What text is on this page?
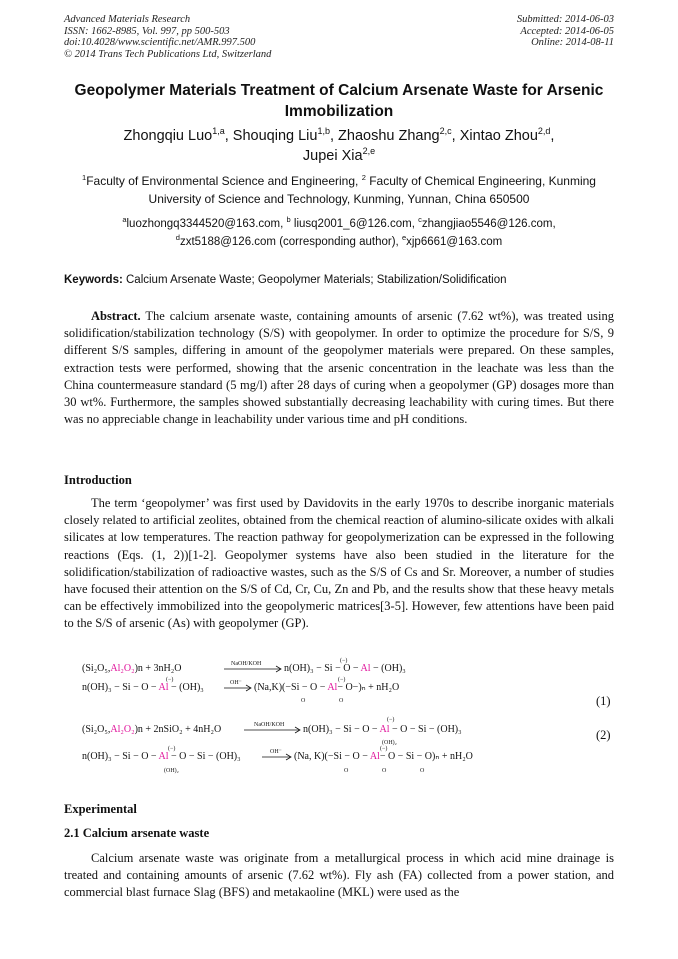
Advanced Materials Research
ISSN: 1662-8985, Vol. 997, pp 500-503
doi:10.4028/www.scientific.net/AMR.997.500
© 2014 Trans Tech Publications Ltd, Switzerland
Submitted: 2014-06-03
Accepted: 2014-06-05
Online: 2014-08-11
Geopolymer Materials Treatment of Calcium Arsenate Waste for Arsenic
Immobilization
Zhongqiu Luo$^{1,a}$, Shouqing Liu$^{1,b}$, Zhaoshu Zhang$^{2,c}$, Xintao Zhou$^{2,d}$,
Jupei Xia$^{2,e}$
$^1$Faculty of Environmental Science and Engineering, $^2$ Faculty of Chemical Engineering, Kunming
University of Science and Technology, Kunming, Yunnan, China 650500
$^a$luozhongq3344520@163.com, $^b$ liusq2001_6@126.com, $^c$zhangjiao5546@126.com,
$^d$zxt5188@126.com (corresponding author), $^e$xjp6661@163.com
Keywords: Calcium Arsenate Waste; Geopolymer Materials; Stabilization/Solidification

Abstract. The calcium arsenate waste, containing amounts of arsenic (7.62 wt%), was treated using solidification/stabilization technology (S/S) with geopolymer. In order to optimize the procedure for S/S, 9 different S/S samples, differing in amount of the geopolymer materials were prepared. On these samples, extraction tests were performed, showing that the arsenic concentration in the leachate was less than the China countermeasure standard (5 mg/l) after 28 days of curing when a geopolymer (GP) dosages more than 30 wt%. Furthermore, the samples showed substantially decreasing leachability with curing times. But there was no appreciable change in leachability under various time and pH conditions.

Introduction

The term ‘geopolymer’ was first used by Davidovits in the early 1970s to describe inorganic materials closely related to artificial zeolites, obtained from the chemical reaction of alumino-silicate oxides with alkali silicates at low temperatures. The reaction pathway for geopolymerization can be expressed in the following reactions (Eqs. (1, 2))[1-2]. Geopolymer systems have also been studied in the literature for the solidification/stabilization of radioactive wastes, such as the S/S of Cs and Sr. Moreover, a number of studies have focused their attention on the S/S of Cd, Cr, Cu, Zn and Pb, and the results show that these heavy metals can be effectively immobilized into the geopolymeric matrices[3-5]. However, few attentions have been paid to the S/S of arsenic (As) with geopolymer (GP).

(Si₂O₅,Al₂O₂)n + 3nH₂O	NaOH/KOH n(OH)₃ − Si − O − Al − (OH)₃
(−)
n(OH)₃ − Si − O − Al − (OH)₃
(−)	OH⁻ (Na,K)(−Si − O − Al− O−)ₙ + nH₂O
(−)
O	O
(Si₂O₅,Al₂O₂)n + 2nSiO₂ + 4nH₂O	NaOH/KOH n(OH)₃ − Si − O − Al − O − Si − (OH)₃
(−)
(OH)₂
n(OH)₃ − Si − O − Al − O − Si − (OH)₃
(−)
(OH)₂
OH⁻ (Na, K)(−Si − O − Al− O − Si − O)ₙ + nH₂O
(−)
O	O	O
(1)
(2)
Experimental
2.1 Calcium arsenate waste

Calcium arsenate waste was originate from a metallurgical process in which acid mine drainage is treated and containing amounts of arsenic (7.62 wt%). Fly ash (FA) collected from a power station, and commercial blast furnace Slag (BFS) and metakaoline (MKL) were used as the
